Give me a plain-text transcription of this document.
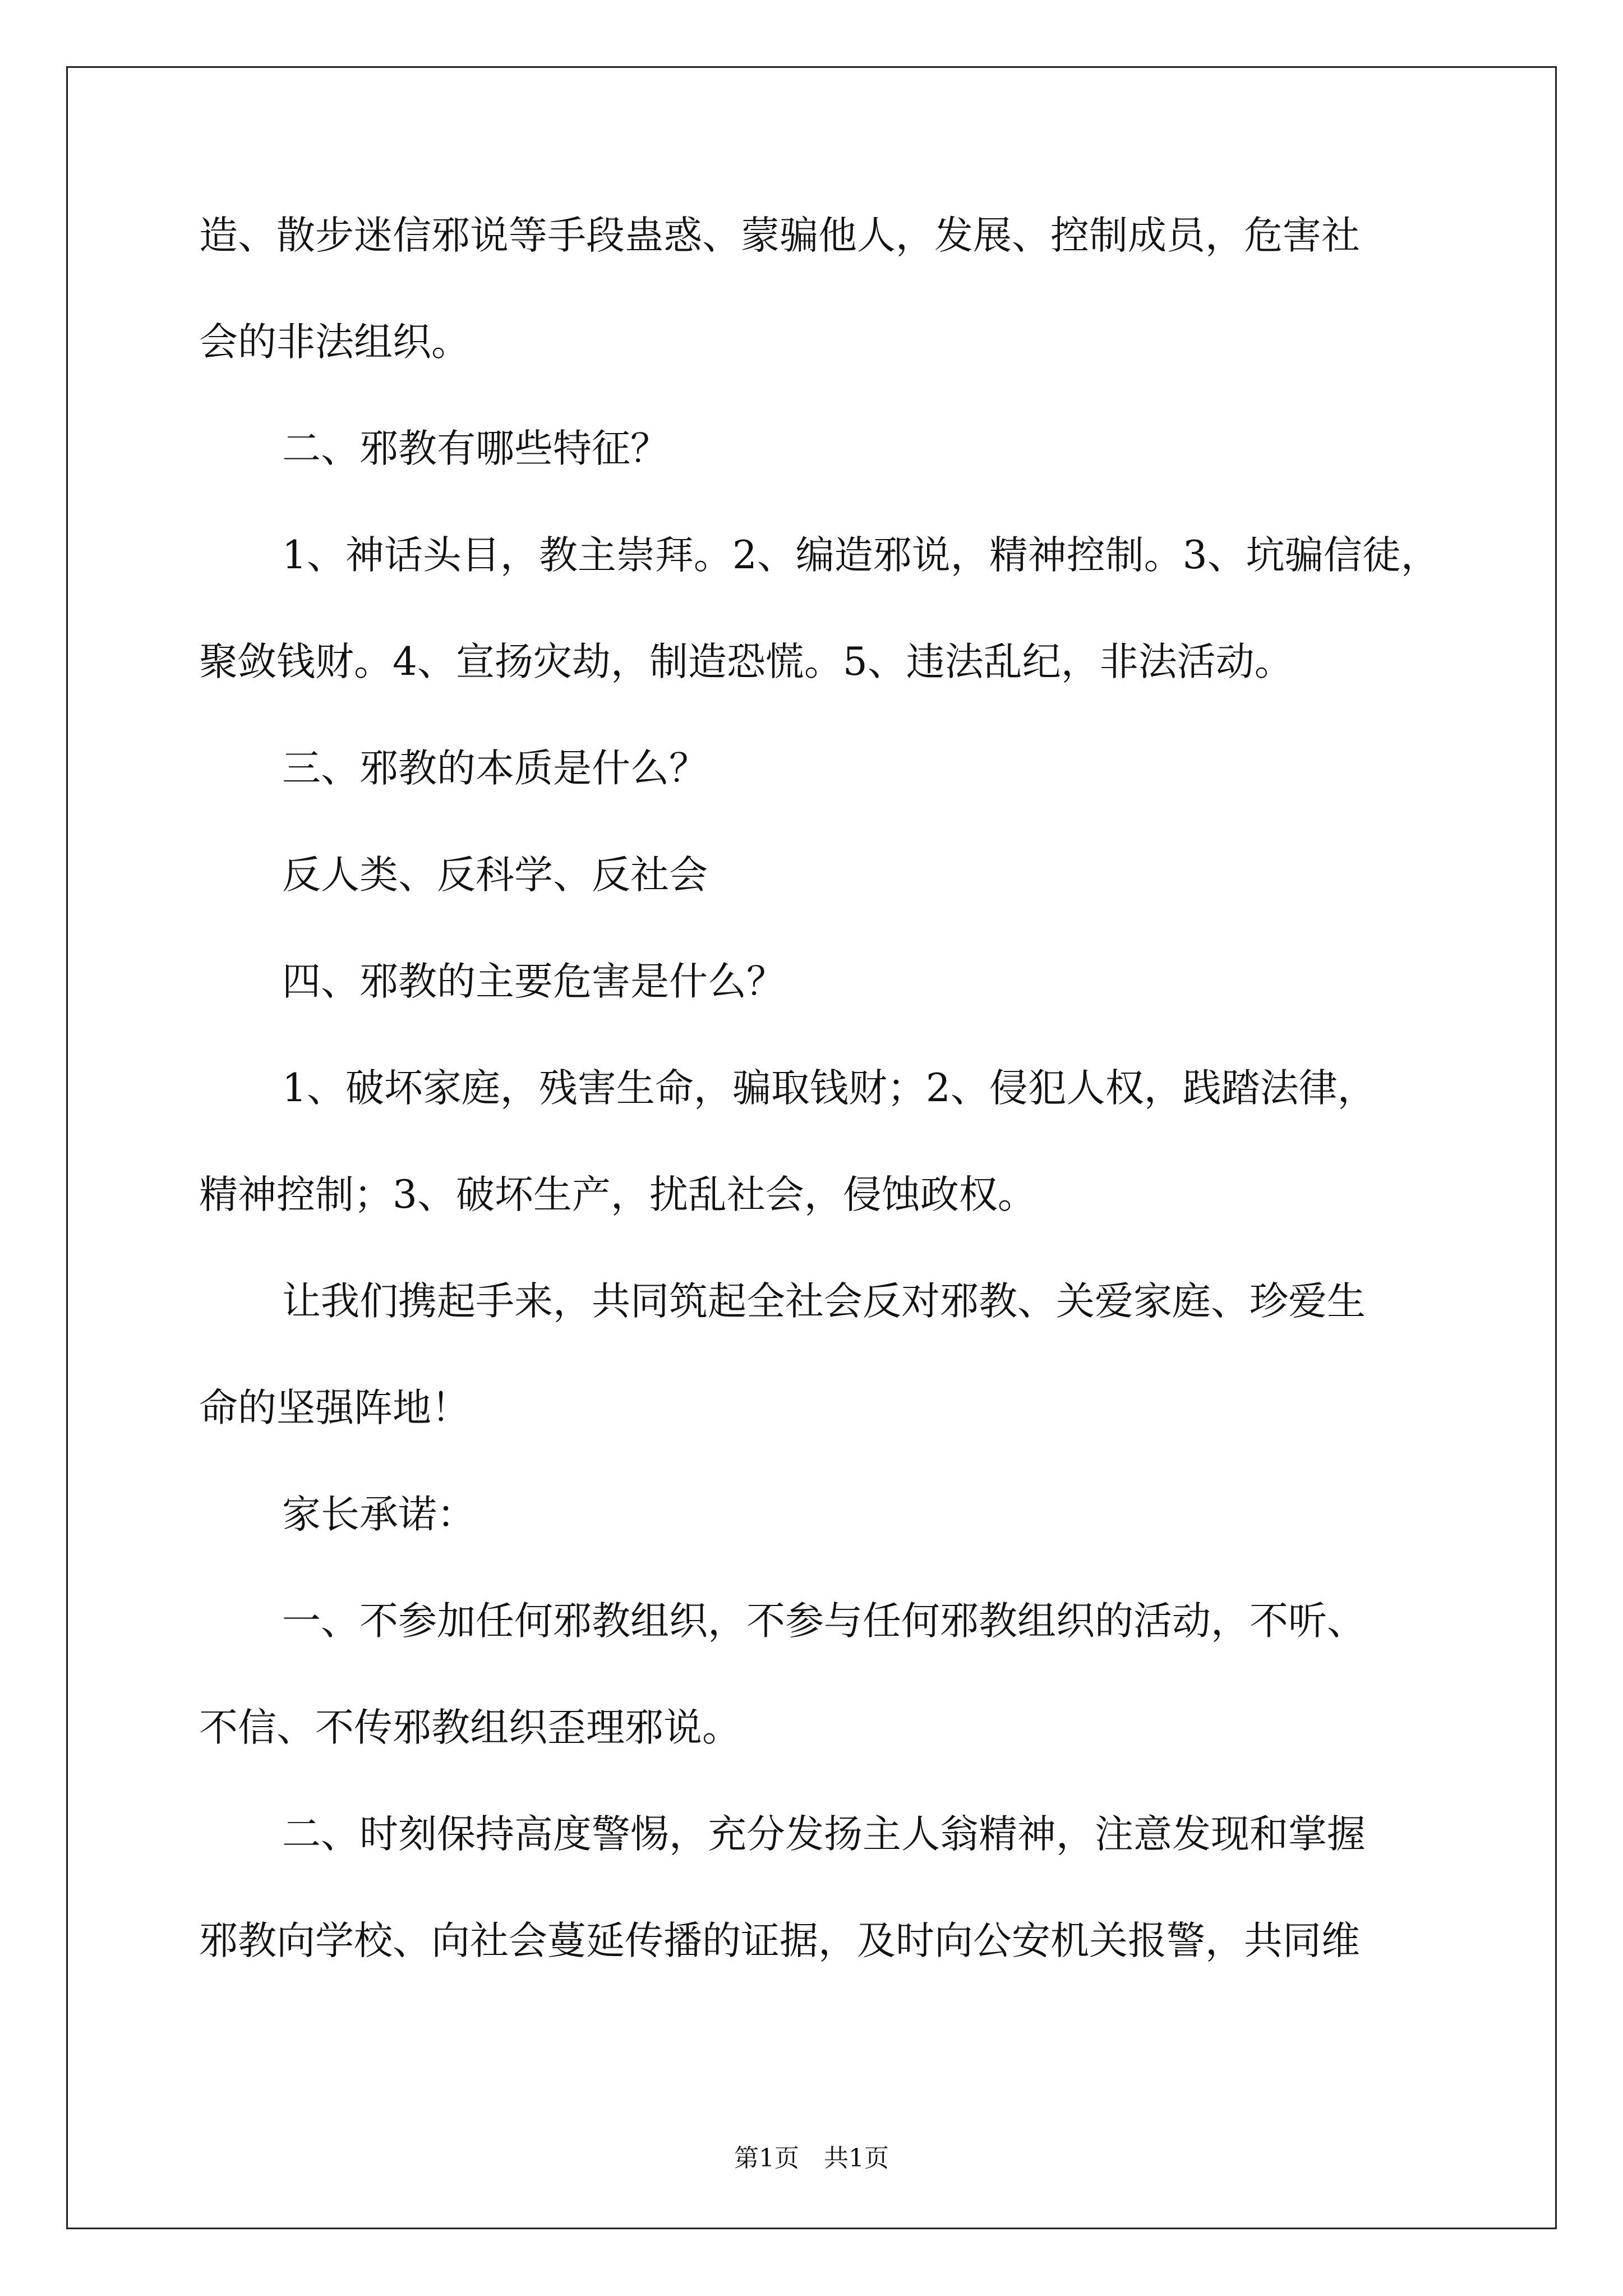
造、散步迷信邪说等手段蛊惑、蒙骗他人，发展、控制成员，危害社
会的非法组织。
二、邪教有哪些特征？
1、神话头目，教主崇拜。2、编造邪说，精神控制。3、坑骗信徒，
聚敛钱财。4、宣扬灾劫，制造恐慌。5、违法乱纪，非法活动。
三、邪教的本质是什么？
反人类、反科学、反社会
四、邪教的主要危害是什么？
1、破坏家庭，残害生命，骗取钱财；2、侵犯人权，践踏法律，
精神控制；3、破坏生产，扰乱社会，侵蚀政权。
让我们携起手来，共同筑起全社会反对邪教、关爱家庭、珍爱生
命的坚强阵地！
家长承诺：
一、不参加任何邪教组织，不参与任何邪教组织的活动，不听、
不信、不传邪教组织歪理邪说。
二、时刻保持高度警惕，充分发扬主人翁精神，注意发现和掌握
邪教向学校、向社会蔓延传播的证据，及时向公安机关报警，共同维
第1页　共1页
